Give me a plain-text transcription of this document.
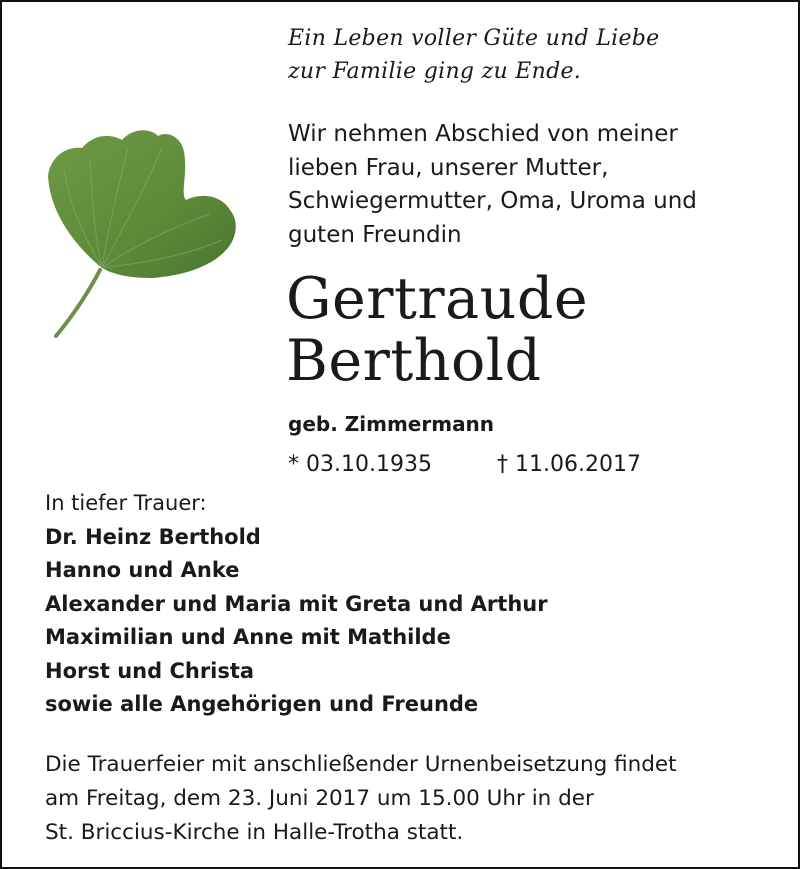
Ein Leben voller Güte und Liebe
zur Familie ging zu Ende.
Wir nehmen Abschied von meiner
lieben Frau, unserer Mutter,
Schwiegermutter, Oma, Uroma und
guten Freundin
Gertraude
Berthold
geb. Zimmermann
* 03.10.1935	† 11.06.2017
In tiefer Trauer:
Dr. Heinz Berthold
Hanno und Anke
Alexander und Maria mit Greta und Arthur
Maximilian und Anne mit Mathilde
Horst und Christa
sowie alle Angehörigen und Freunde
Die Trauerfeier mit anschließender Urnenbeisetzung findet
am Freitag, dem 23. Juni 2017 um 15.00 Uhr in der
St. Briccius-Kirche in Halle-Trotha statt.
